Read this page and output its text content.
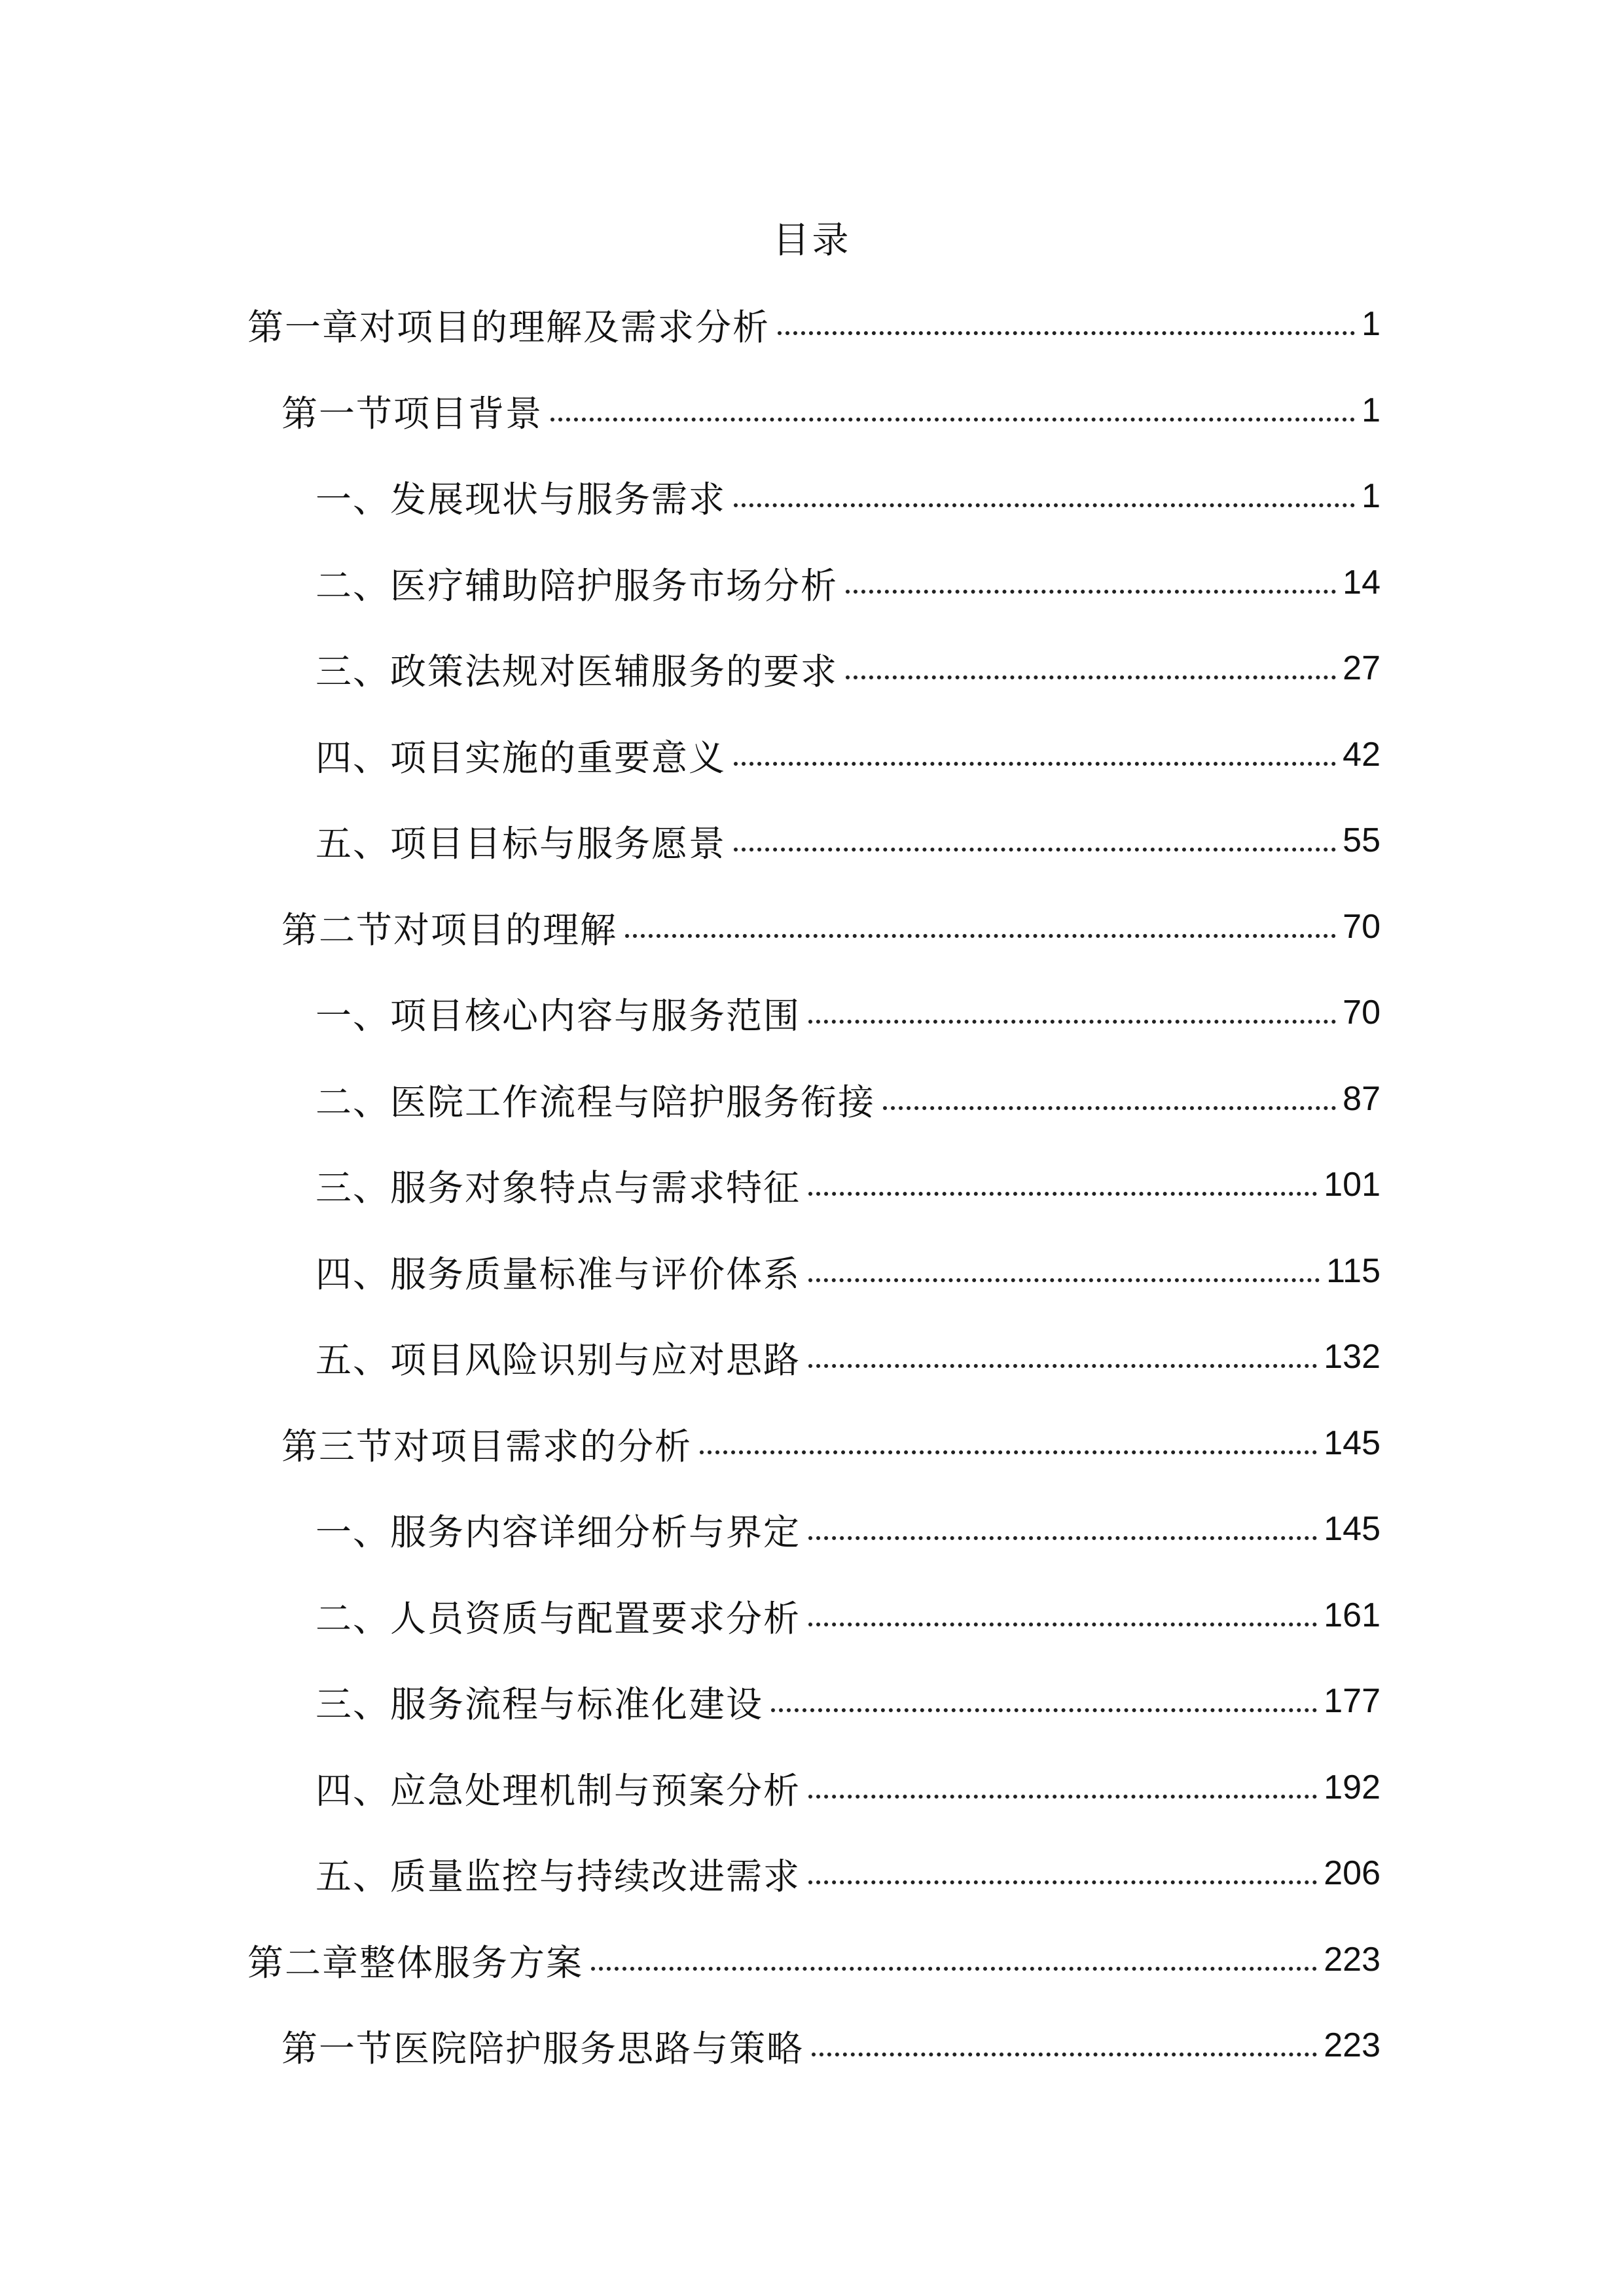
目录
第一章对项目的理解及需求分析	1
第一节项目背景	1
一、发展现状与服务需求	1
二、医疗辅助陪护服务市场分析	14
三、政策法规对医辅服务的要求	27
四、项目实施的重要意义	42
五、项目目标与服务愿景	55
第二节对项目的理解	70
一、项目核心内容与服务范围	70
二、医院工作流程与陪护服务衔接	87
三、服务对象特点与需求特征	101
四、服务质量标准与评价体系	115
五、项目风险识别与应对思路	132
第三节对项目需求的分析	145
一、服务内容详细分析与界定	145
二、人员资质与配置要求分析	161
三、服务流程与标准化建设	177
四、应急处理机制与预案分析	192
五、质量监控与持续改进需求	206
第二章整体服务方案	223
第一节医院陪护服务思路与策略	223
